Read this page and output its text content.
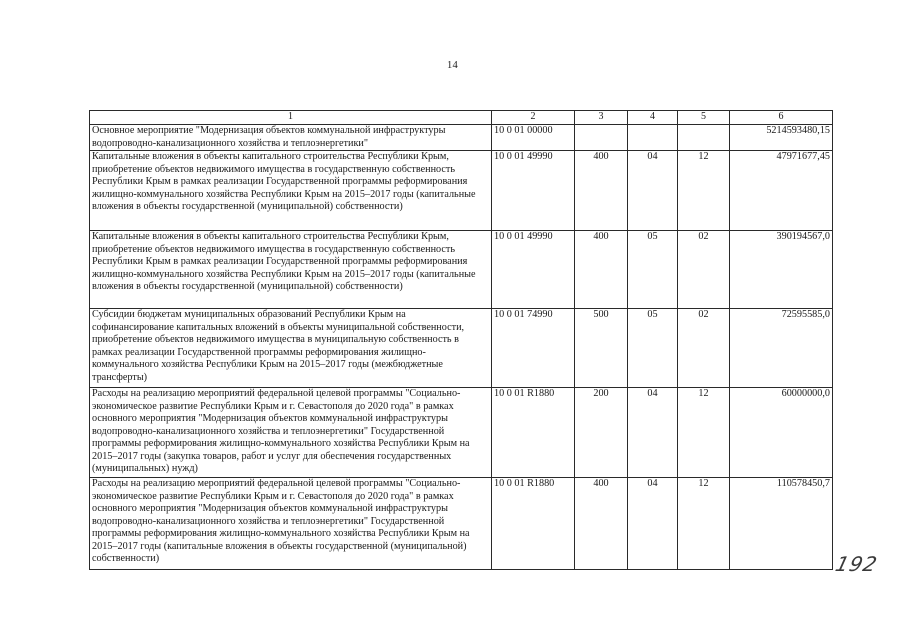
14
1	2	3	4	5	6
Основное мероприятие "Модернизация объектов коммунальной инфраструктуры водопроводно-канализационного хозяйства и теплоэнергетики"	10 0 01 00000				5214593480,15
Капитальные вложения в объекты капитального строительства Республики Крым, приобретение объектов недвижимого имущества в государственную собственность Республики Крым в рамках реализации Государственной программы реформирования жилищно-коммунального хозяйства Республики Крым на 2015–2017 годы (капитальные вложения в объекты государственной (муниципальной) собственности)	10 0 01 49990	400	04	12	47971677,45
Капитальные вложения в объекты капитального строительства Республики Крым, приобретение объектов недвижимого имущества в государственную собственность Республики Крым в рамках реализации Государственной программы реформирования жилищно-коммунального хозяйства Республики Крым на 2015–2017 годы (капитальные вложения в объекты государственной (муниципальной) собственности)	10 0 01 49990	400	05	02	390194567,0
Субсидии бюджетам муниципальных образований Республики Крым на софинансирование капитальных вложений в объекты муниципальной собственности, приобретение объектов недвижимого имущества в муниципальную собственность в рамках реализации Государственной программы реформирования жилищно-коммунального хозяйства Республики Крым на 2015–2017 годы (межбюджетные трансферты)	10 0 01 74990	500	05	02	72595585,0
Расходы на реализацию мероприятий федеральной целевой программы "Социально-экономическое развитие Республики Крым и г. Севастополя до 2020 года" в рамках основного мероприятия "Модернизация объектов коммунальной инфраструктуры водопроводно-канализационного хозяйства и теплоэнергетики" Государственной программы реформирования жилищно-коммунального хозяйства Республики Крым на 2015–2017 годы (закупка товаров, работ и услуг для обеспечения государственных (муниципальных) нужд)	10 0 01 R1880	200	04	12	60000000,0
Расходы на реализацию мероприятий федеральной целевой программы "Социально-экономическое развитие Республики Крым и г. Севастополя до 2020 года" в рамках основного мероприятия "Модернизация объектов коммунальной инфраструктуры водопроводно-канализационного хозяйства и теплоэнергетики" Государственной программы реформирования жилищно-коммунального хозяйства Республики Крым на 2015–2017 годы (капитальные вложения в объекты государственной (муниципальной) собственности)	10 0 01 R1880	400	04	12	110578450,7
192
